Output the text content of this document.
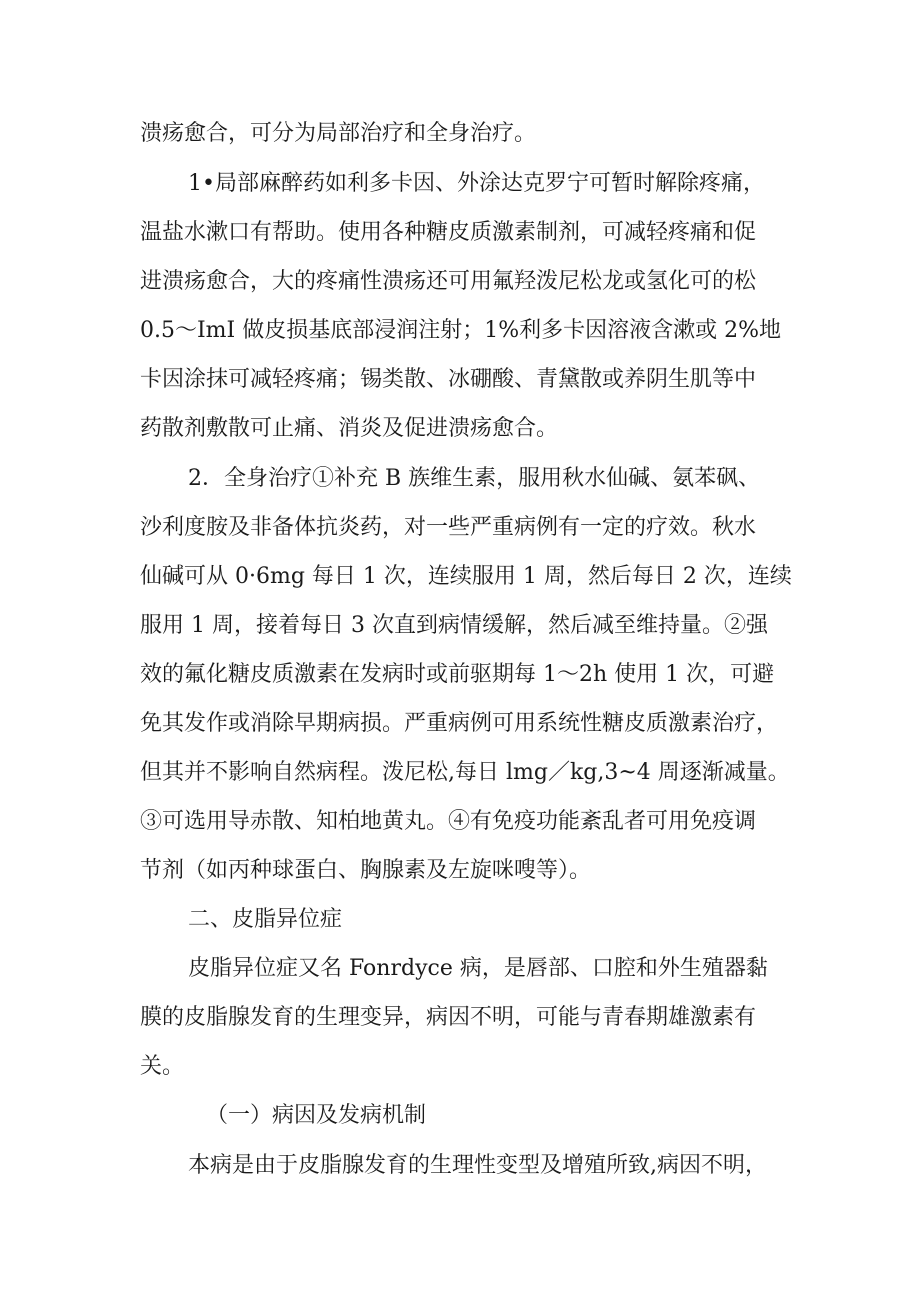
溃疡愈合，可分为局部治疗和全身治疗。
1•局部麻醉药如利多卡因、外涂达克罗宁可暂时解除疼痛，
温盐水漱口有帮助。使用各种糖皮质激素制剂，可减轻疼痛和促
进溃疡愈合，大的疼痛性溃疡还可用氟羟泼尼松龙或氢化可的松
0.5～ImI 做皮损基底部浸润注射；1%利多卡因溶液含漱或 2%地
卡因涂抹可减轻疼痛；锡类散、冰硼酸、青黛散或养阴生肌等中
药散剂敷散可止痛、消炎及促进溃疡愈合。
2．全身治疗①补充 B 族维生素，服用秋水仙碱、氨苯砜、
沙利度胺及非备体抗炎药，对一些严重病例有一定的疗效。秋水
仙碱可从 0·6mg 每日 1 次，连续服用 1 周，然后每日 2 次，连续
服用 1 周，接着每日 3 次直到病情缓解，然后减至维持量。②强
效的氟化糖皮质激素在发病时或前驱期每 1～2h 使用 1 次，可避
免其发作或消除早期病损。严重病例可用系统性糖皮质激素治疗，
但其并不影响自然病程。泼尼松,每日 lmg／kg,3~4 周逐渐减量。
③可选用导赤散、知柏地黄丸。④有免疫功能紊乱者可用免疫调
节剂（如丙种球蛋白、胸腺素及左旋咪嗖等）。
二、皮脂异位症
皮脂异位症又名 Fonrdyce 病，是唇部、口腔和外生殖器黏
膜的皮脂腺发育的生理变异，病因不明，可能与青春期雄激素有
关。
（一）病因及发病机制
本病是由于皮脂腺发育的生理性变型及增殖所致,病因不明，
